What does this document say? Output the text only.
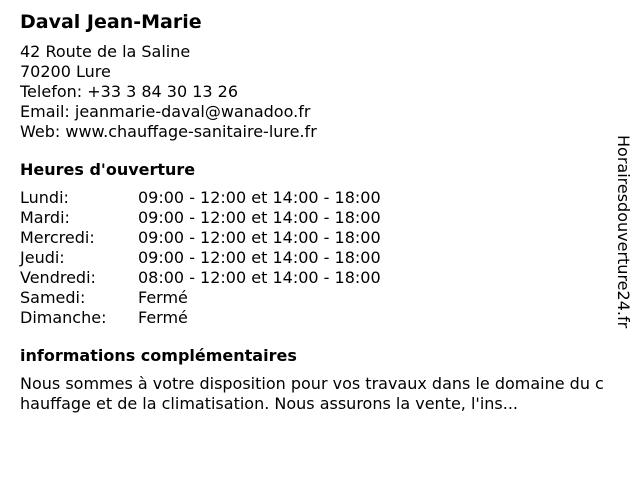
Daval Jean-Marie
42 Route de la Saline
70200 Lure
Telefon: +33 3 84 30 13 26
Email: jeanmarie-daval@wanadoo.fr
Web: www.chauffage-sanitaire-lure.fr
Heures d'ouverture
Lundi:	09:00 - 12:00 et 14:00 - 18:00
Mardi:	09:00 - 12:00 et 14:00 - 18:00
Mercredi:	09:00 - 12:00 et 14:00 - 18:00
Jeudi:	09:00 - 12:00 et 14:00 - 18:00
Vendredi:	08:00 - 12:00 et 14:00 - 18:00
Samedi:	Fermé
Dimanche:	Fermé
informations complémentaires
Nous sommes à votre disposition pour vos travaux dans le domaine du chauffage et de la climatisation. Nous assurons la vente, l'ins...
Horairesdouverture24.fr
